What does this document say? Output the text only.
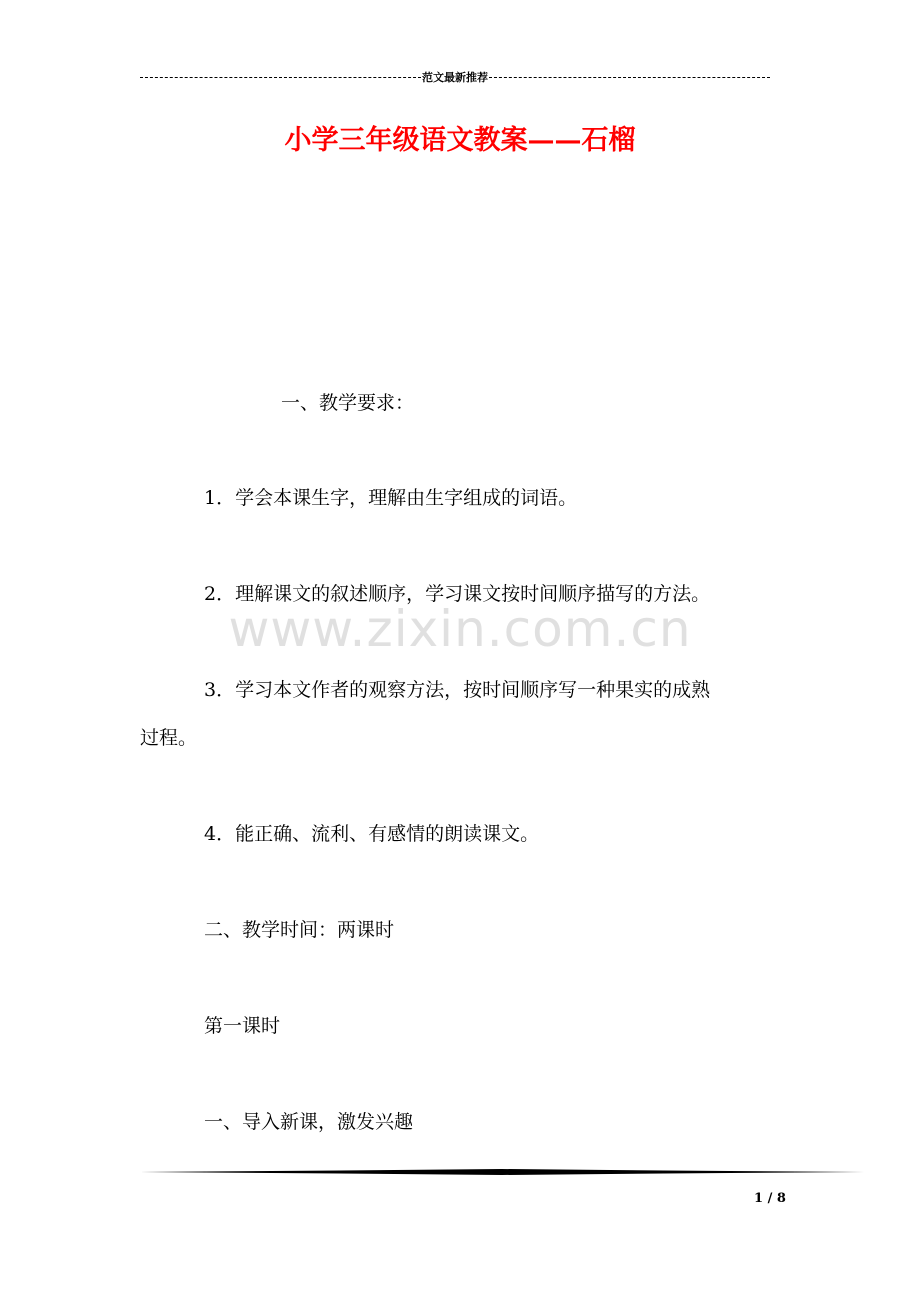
范文最新推荐
小学三年级语文教案——石榴
www.zixin.com.cn
一、教学要求：
1．学会本课生字，理解由生字组成的词语。
2．理解课文的叙述顺序，学习课文按时间顺序描写的方法。
3．学习本文作者的观察方法，按时间顺序写一种果实的成熟
过程。
4．能正确、流利、有感情的朗读课文。
二、教学时间：两课时
第一课时
一、导入新课，激发兴趣
1 / 8
